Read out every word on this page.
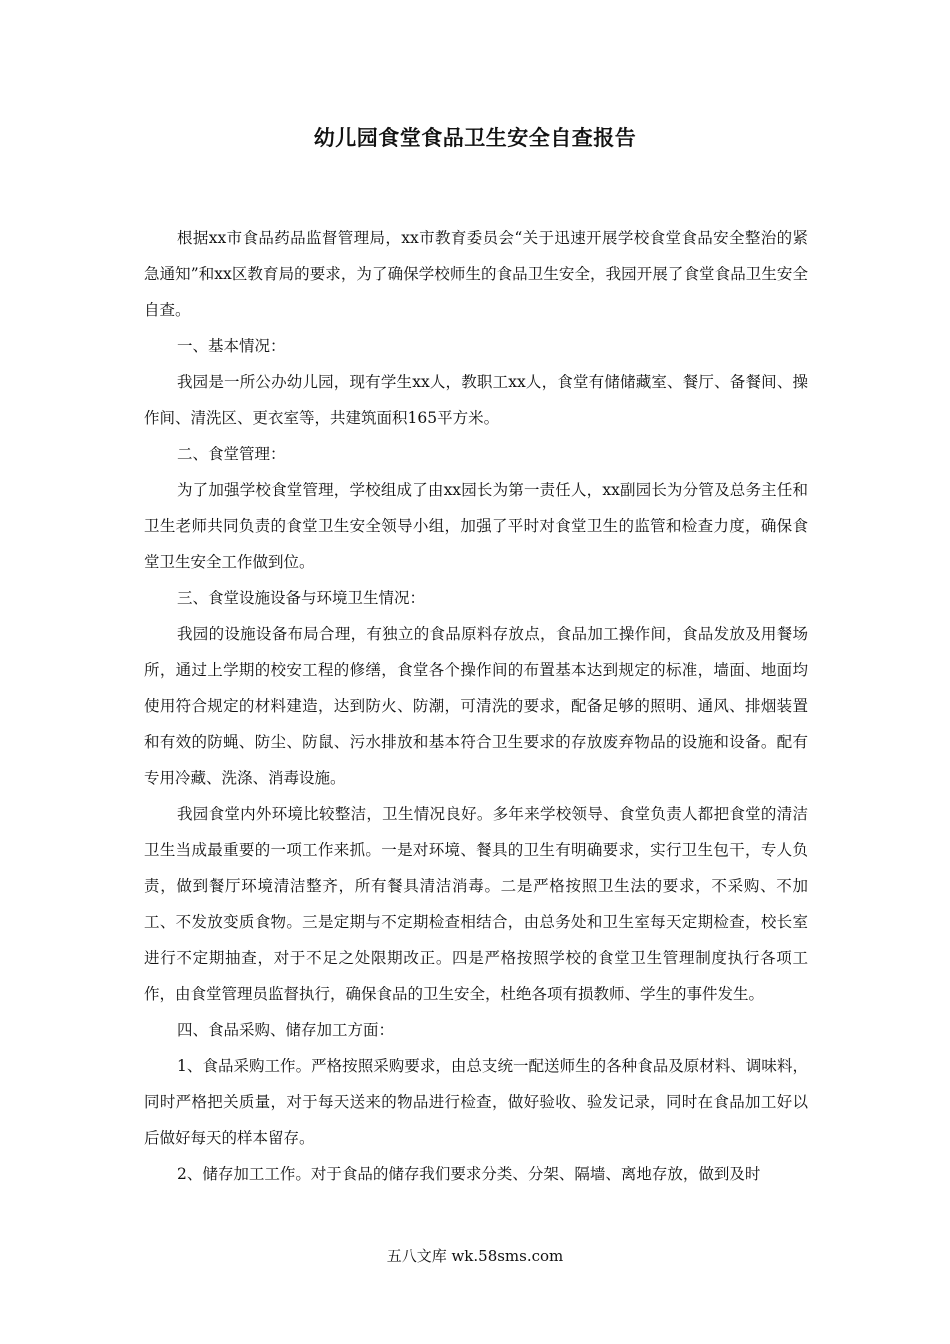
幼儿园食堂食品卫生安全自查报告

根据xx市食品药品监督管理局，xx市教育委员会“关于迅速开展学校食堂食品安全整治的紧急通知”和xx区教育局的要求，为了确保学校师生的食品卫生安全，我园开展了食堂食品卫生安全自查。

一、基本情况：

我园是一所公办幼儿园，现有学生xx人，教职工xx人，食堂有储储藏室、餐厅、备餐间、操作间、清洗区、更衣室等，共建筑面积165平方米。

二、食堂管理：

为了加强学校食堂管理，学校组成了由xx园长为第一责任人，xx副园长为分管及总务主任和卫生老师共同负责的食堂卫生安全领导小组，加强了平时对食堂卫生的监管和检查力度，确保食堂卫生安全工作做到位。

三、食堂设施设备与环境卫生情况：

我园的设施设备布局合理，有独立的食品原料存放点，食品加工操作间，食品发放及用餐场所，通过上学期的校安工程的修缮，食堂各个操作间的布置基本达到规定的标准，墙面、地面均使用符合规定的材料建造，达到防火、防潮，可清洗的要求，配备足够的照明、通风、排烟装置和有效的防蝇、防尘、防鼠、污水排放和基本符合卫生要求的存放废弃物品的设施和设备。配有专用冷藏、洗涤、消毒设施。

我园食堂内外环境比较整洁，卫生情况良好。多年来学校领导、食堂负责人都把食堂的清洁卫生当成最重要的一项工作来抓。一是对环境、餐具的卫生有明确要求，实行卫生包干，专人负责，做到餐厅环境清洁整齐，所有餐具清洁消毒。二是严格按照卫生法的要求，不采购、不加工、不发放变质食物。三是定期与不定期检查相结合，由总务处和卫生室每天定期检查，校长室进行不定期抽查，对于不足之处限期改正。四是严格按照学校的食堂卫生管理制度执行各项工作，由食堂管理员监督执行，确保食品的卫生安全，杜绝各项有损教师、学生的事件发生。

四、食品采购、储存加工方面：

1、食品采购工作。严格按照采购要求，由总支统一配送师生的各种食品及原材料、调味料，同时严格把关质量，对于每天送来的物品进行检查，做好验收、验发记录，同时在食品加工好以后做好每天的样本留存。

2、储存加工工作。对于食品的储存我们要求分类、分架、隔墙、离地存放，做到及时

五八文库 wk.58sms.com
